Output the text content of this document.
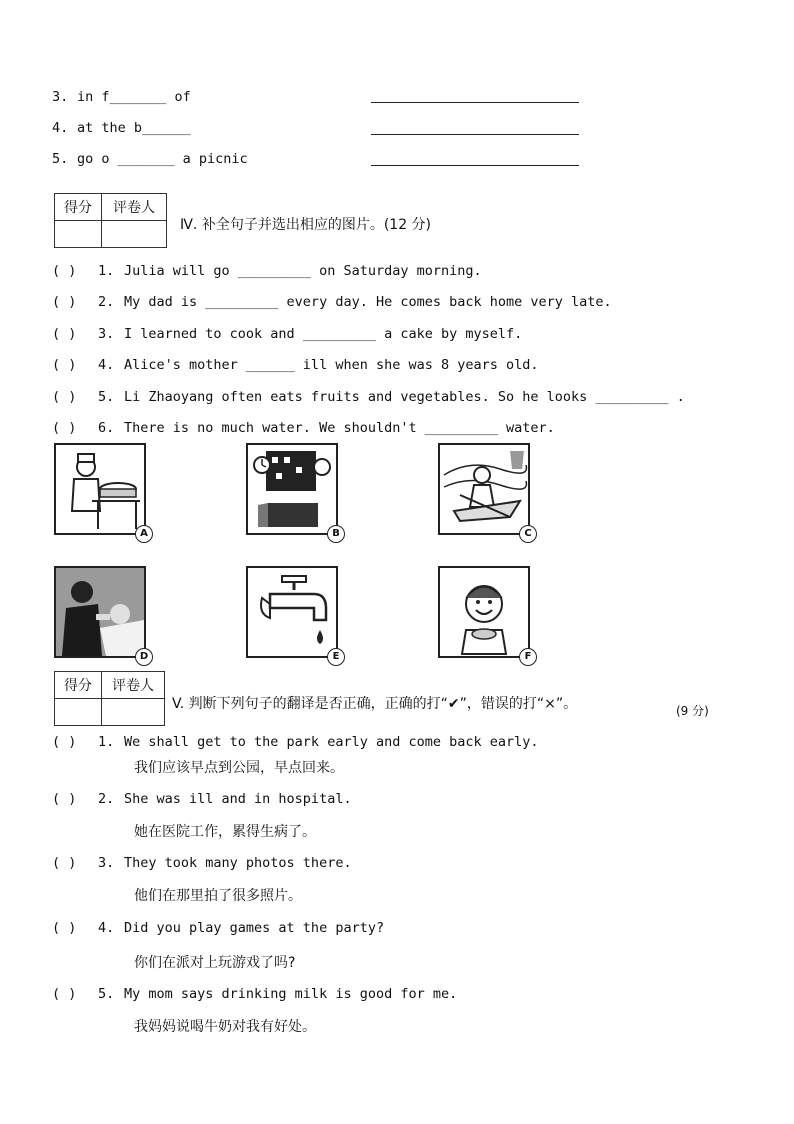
3. in f_______ of
4. at the b______
5. go o _______ a picnic
得分	评卷人

Ⅳ. 补全句子并选出相应的图片。(12 分)
( ) 1. Julia will go _________ on Saturday morning.
( ) 2. My dad is _________ every day. He comes back home very late.
( ) 3. I learned to cook and _________ a cake by myself.
( ) 4. Alice's mother ______ ill when she was 8 years old.
( ) 5. Li Zhaoyang often eats fruits and vegetables. So he looks _________ .
( ) 6. There is no much water. We shouldn't _________ water.
A	B	C
D	E	F
得分	评卷人

V. 判断下列句子的翻译是否正确，正确的打“✔”，错误的打“×”。	(9 分)
( ) 1. We shall get to the park early and come back early.
我们应该早点到公园，早点回来。
( ) 2. She was ill and in hospital.
她在医院工作，累得生病了。
( ) 3. They took many photos there.
他们在那里拍了很多照片。
( ) 4. Did you play games at the party?
你们在派对上玩游戏了吗?
( ) 5. My mom says drinking milk is good for me.
我妈妈说喝牛奶对我有好处。
